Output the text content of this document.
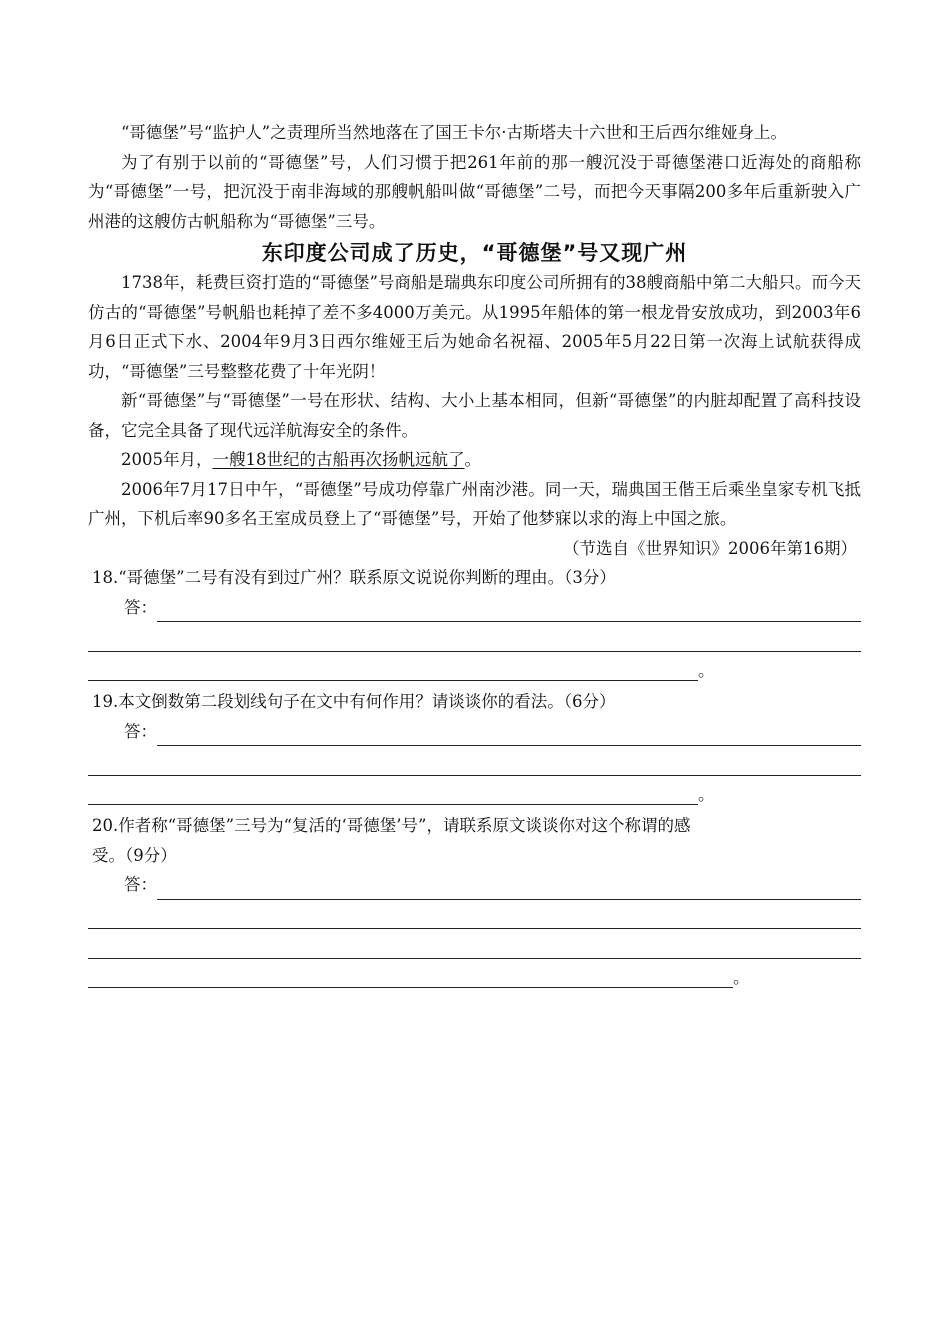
“哥德堡”号“监护人”之责理所当然地落在了国王卡尔·古斯塔夫十六世和王后西尔维娅身上。

为了有别于以前的“哥德堡”号，人们习惯于把261年前的那一艘沉没于哥德堡港口近海处的商船称为“哥德堡”一号，把沉没于南非海域的那艘帆船叫做“哥德堡”二号，而把今天事隔200多年后重新驶入广州港的这艘仿古帆船称为“哥德堡”三号。

东印度公司成了历史，“哥德堡”号又现广州

1738年，耗费巨资打造的“哥德堡”号商船是瑞典东印度公司所拥有的38艘商船中第二大船只。而今天仿古的“哥德堡”号帆船也耗掉了差不多4000万美元。从1995年船体的第一根龙骨安放成功，到2003年6月6日正式下水、2004年9月3日西尔维娅王后为她命名祝福、2005年5月22日第一次海上试航获得成功，“哥德堡”三号整整花费了十年光阴！

新“哥德堡”与“哥德堡”一号在形状、结构、大小上基本相同，但新“哥德堡”的内脏却配置了高科技设备，它完全具备了现代远洋航海安全的条件。

2005年月，一艘18世纪的古船再次扬帆远航了。

2006年7月17日中午，“哥德堡”号成功停靠广州南沙港。同一天，瑞典国王偕王后乘坐皇家专机飞抵广州，下机后率90多名王室成员登上了“哥德堡”号，开始了他梦寐以求的海上中国之旅。

（节选自《世界知识》2006年第16期）

18.“哥德堡”二号有没有到过广州？联系原文说说你判断的理由。（3分）

答：
。

19.本文倒数第二段划线句子在文中有何作用？请谈谈你的看法。（6分）

答：
。

20.作者称“哥德堡”三号为“复活的‘哥德堡’号”，请联系原文谈谈你对这个称谓的感

受。（9分）

答：
。
